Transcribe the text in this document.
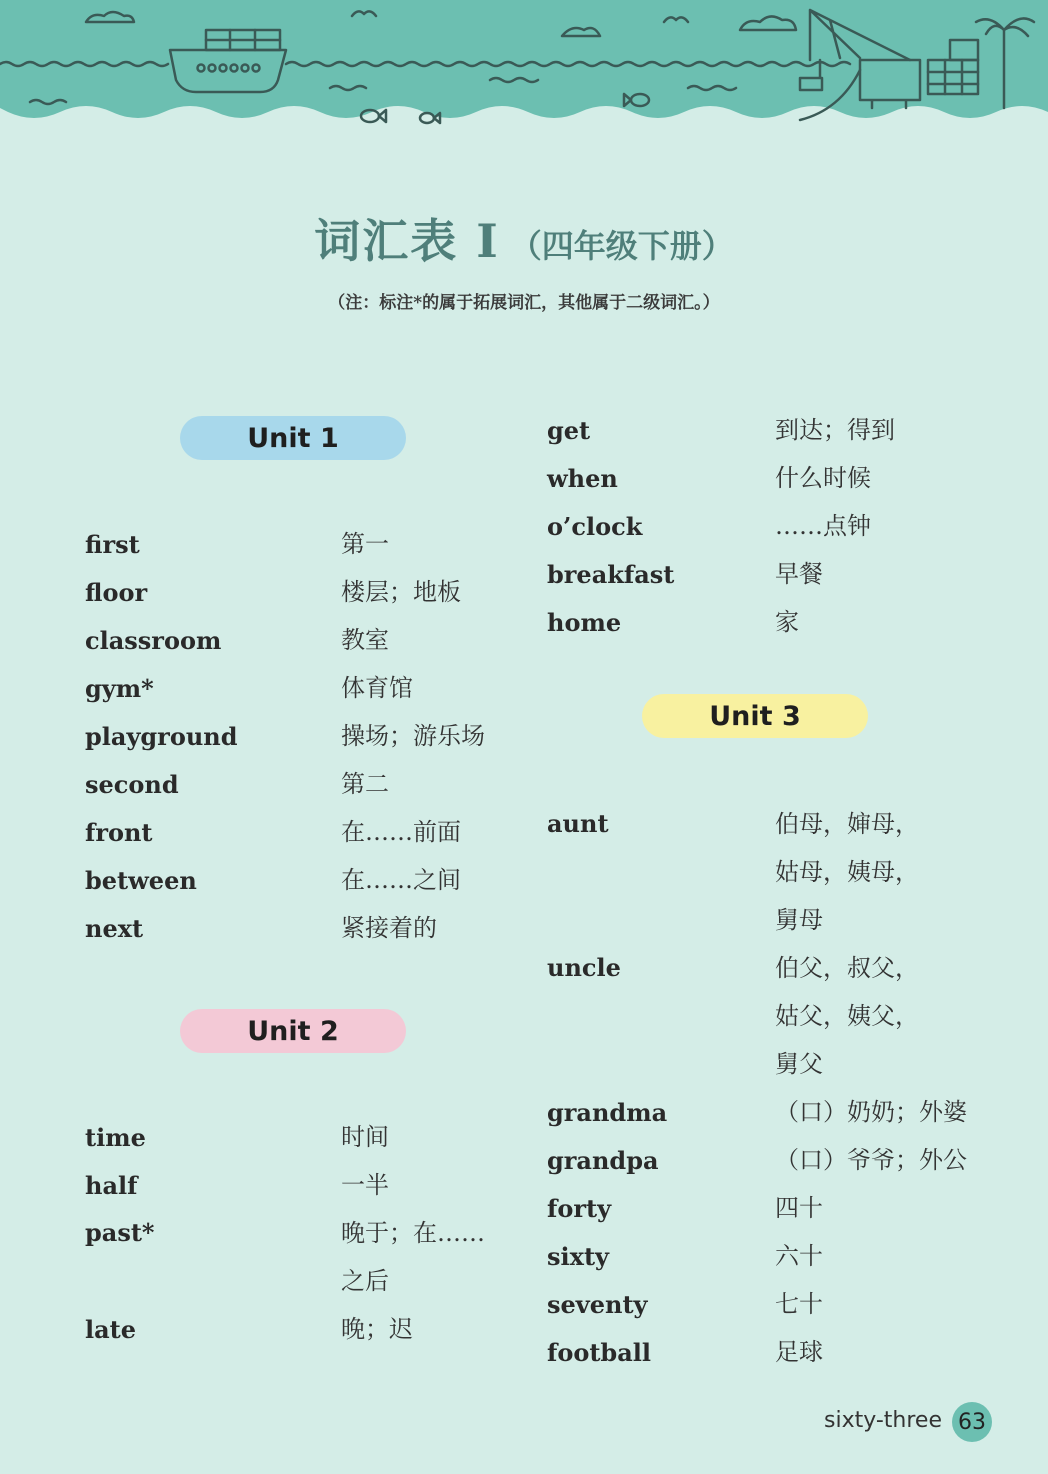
词汇表 I （四年级下册）
（注：标注*的属于拓展词汇，其他属于二级词汇。）
Unit 1
Unit 2
Unit 3
first	第一
floor	楼层；地板
classroom	教室
gym*	体育馆
playground	操场；游乐场
second	第二
front	在……前面
between	在……之间
next	紧接着的
time	时间
half	一半
past*	晚于；在……
之后
late	晚；迟
get	到达；得到
when	什么时候
o’clock	……点钟
breakfast	早餐
home	家
aunt	伯母，婶母，
姑母，姨母，
舅母
uncle	伯父，叔父，
姑父，姨父，
舅父
grandma	（口）奶奶；外婆
grandpa	（口）爷爷；外公
forty	四十
sixty	六十
seventy	七十
football	足球
sixty-three 63
